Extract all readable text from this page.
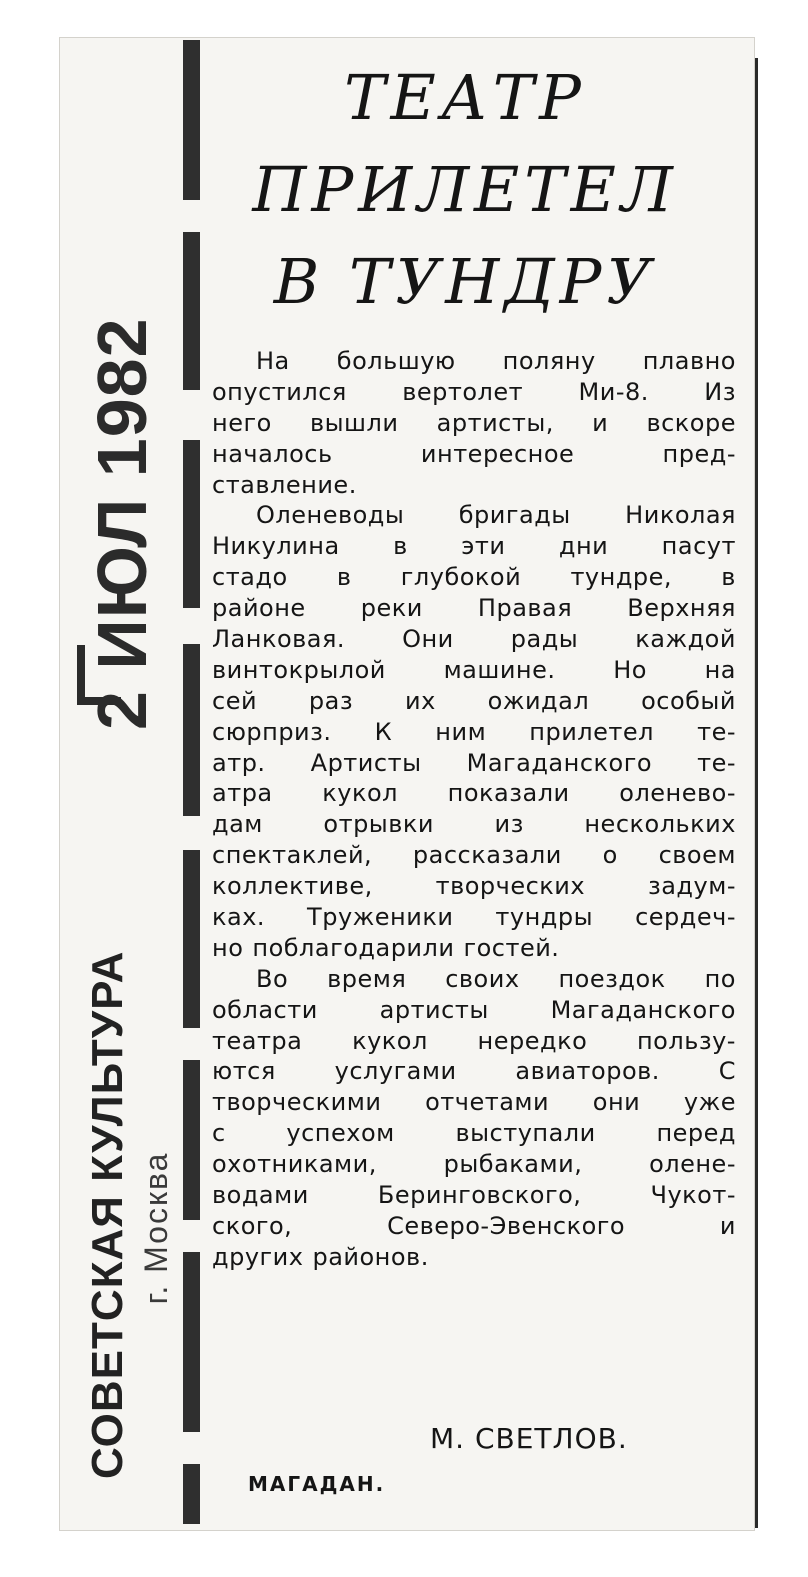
2 ИЮЛ 1982
СОВЕТСКАЯ КУЛЬТУРА г. Москва
ТЕАТР
ПРИЛЕТЕЛ
В ТУНДРУ
На большую поляну плавно
опустился вертолет Ми-8. Из
него вышли артисты, и вскоре
началось	интересное	пред-
ставление.
Оленеводы бригады Николая
Никулина в эти дни пасут
стадо в глубокой тундре, в
районе реки Правая Верхняя
Ланковая. Они рады каждой
винтокрылой машине. Но на
сей раз их ожидал особый
сюрприз. К ним прилетел те-
атр. Артисты Магаданского те-
атра кукол показали оленево-
дам	отрывки	из	нескольких
спектаклей, рассказали о своем
коллективе,	творческих	задум-
ках. Труженики тундры сердеч-
но поблагодарили гостей.
Во время своих поездок по
области	артисты	Магаданского
театра кукол нередко пользу-
ются услугами авиаторов. С
творческими отчетами они уже
с	успехом	выступали	перед
охотниками,	рыбаками,	олене-
водами	Беринговского,	Чукот-
ского,	Северо-Эвенского	и
других районов.
М. СВЕТЛОВ.
МАГАДАН.
